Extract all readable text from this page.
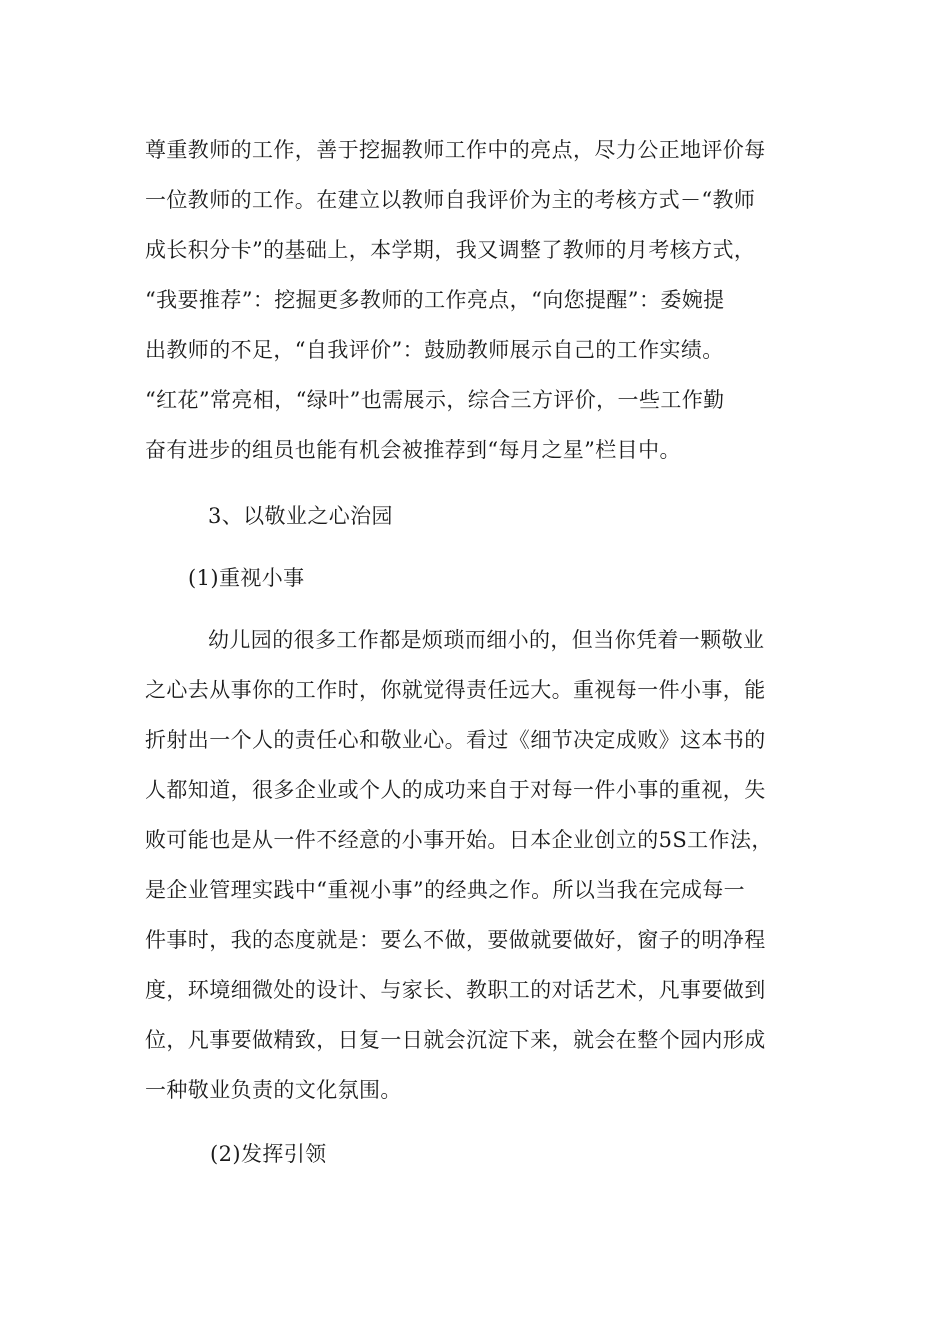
尊重教师的工作，善于挖掘教师工作中的亮点，尽力公正地评价每
一位教师的工作。在建立以教师自我评价为主的考核方式－“教师
成长积分卡”的基础上，本学期，我又调整了教师的月考核方式，
“我要推荐”：挖掘更多教师的工作亮点，“向您提醒”：委婉提
出教师的不足，“自我评价”：鼓励教师展示自己的工作实绩。
“红花”常亮相，“绿叶”也需展示，综合三方评价，一些工作勤
奋有进步的组员也能有机会被推荐到“每月之星”栏目中。
3、以敬业之心治园
(1)重视小事
幼儿园的很多工作都是烦琐而细小的，但当你凭着一颗敬业
之心去从事你的工作时，你就觉得责任远大。重视每一件小事，能
折射出一个人的责任心和敬业心。看过《细节决定成败》这本书的
人都知道，很多企业或个人的成功来自于对每一件小事的重视，失
败可能也是从一件不经意的小事开始。日本企业创立的5S工作法，
是企业管理实践中“重视小事”的经典之作。所以当我在完成每一
件事时，我的态度就是：要么不做，要做就要做好，窗子的明净程
度，环境细微处的设计、与家长、教职工的对话艺术，凡事要做到
位，凡事要做精致，日复一日就会沉淀下来，就会在整个园内形成
一种敬业负责的文化氛围。
(2)发挥引领
